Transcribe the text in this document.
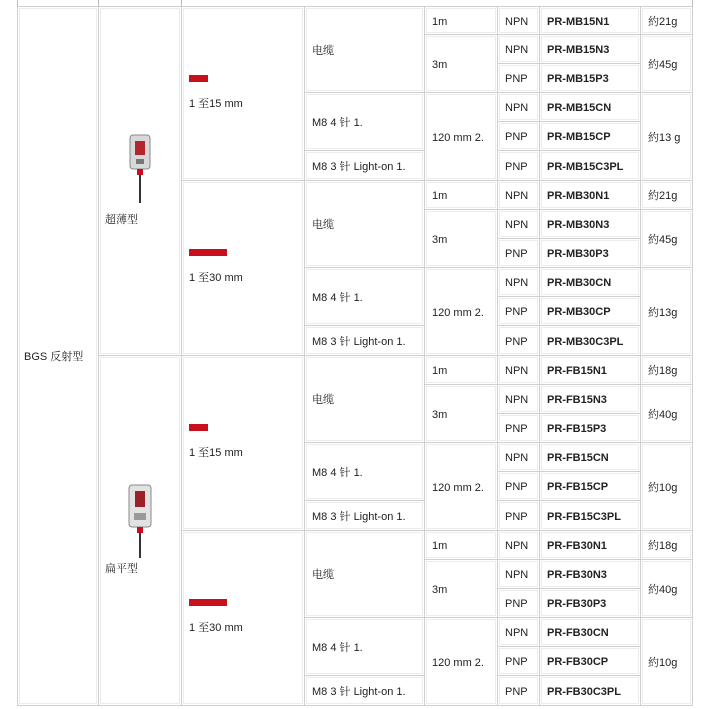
BGS 反射型
超薄型
1 至15 mm
电缆
M8 4 针 1.
M8 3 针 Light-on 1.
1m
3m
120 mm 2.
NPN PR-MB15N1
NPN PR-MB15N3
PNP PR-MB15P3
NPN PR-MB15CN
PNP PR-MB15CP
PNP PR-MB15C3PL
約21g
約45g
約13 g
1 至30 mm
电缆
M8 4 针 1.
M8 3 针 Light-on 1.
1m
3m
120 mm 2.
NPN PR-MB30N1
NPN PR-MB30N3
PNP PR-MB30P3
NPN PR-MB30CN
PNP PR-MB30CP
PNP PR-MB30C3PL
約21g
約45g
約13g
扁平型
1 至15 mm
电缆
M8 4 针 1.
M8 3 针 Light-on 1.
1m
3m
120 mm 2.
NPN PR-FB15N1
NPN PR-FB15N3
PNP PR-FB15P3
NPN PR-FB15CN
PNP PR-FB15CP
PNP PR-FB15C3PL
約18g
約40g
約10g
1 至30 mm
电缆
M8 4 针 1.
M8 3 针 Light-on 1.
1m
3m
120 mm 2.
NPN PR-FB30N1
NPN PR-FB30N3
PNP PR-FB30P3
NPN PR-FB30CN
PNP PR-FB30CP
PNP PR-FB30C3PL
約18g
約40g
約10g
